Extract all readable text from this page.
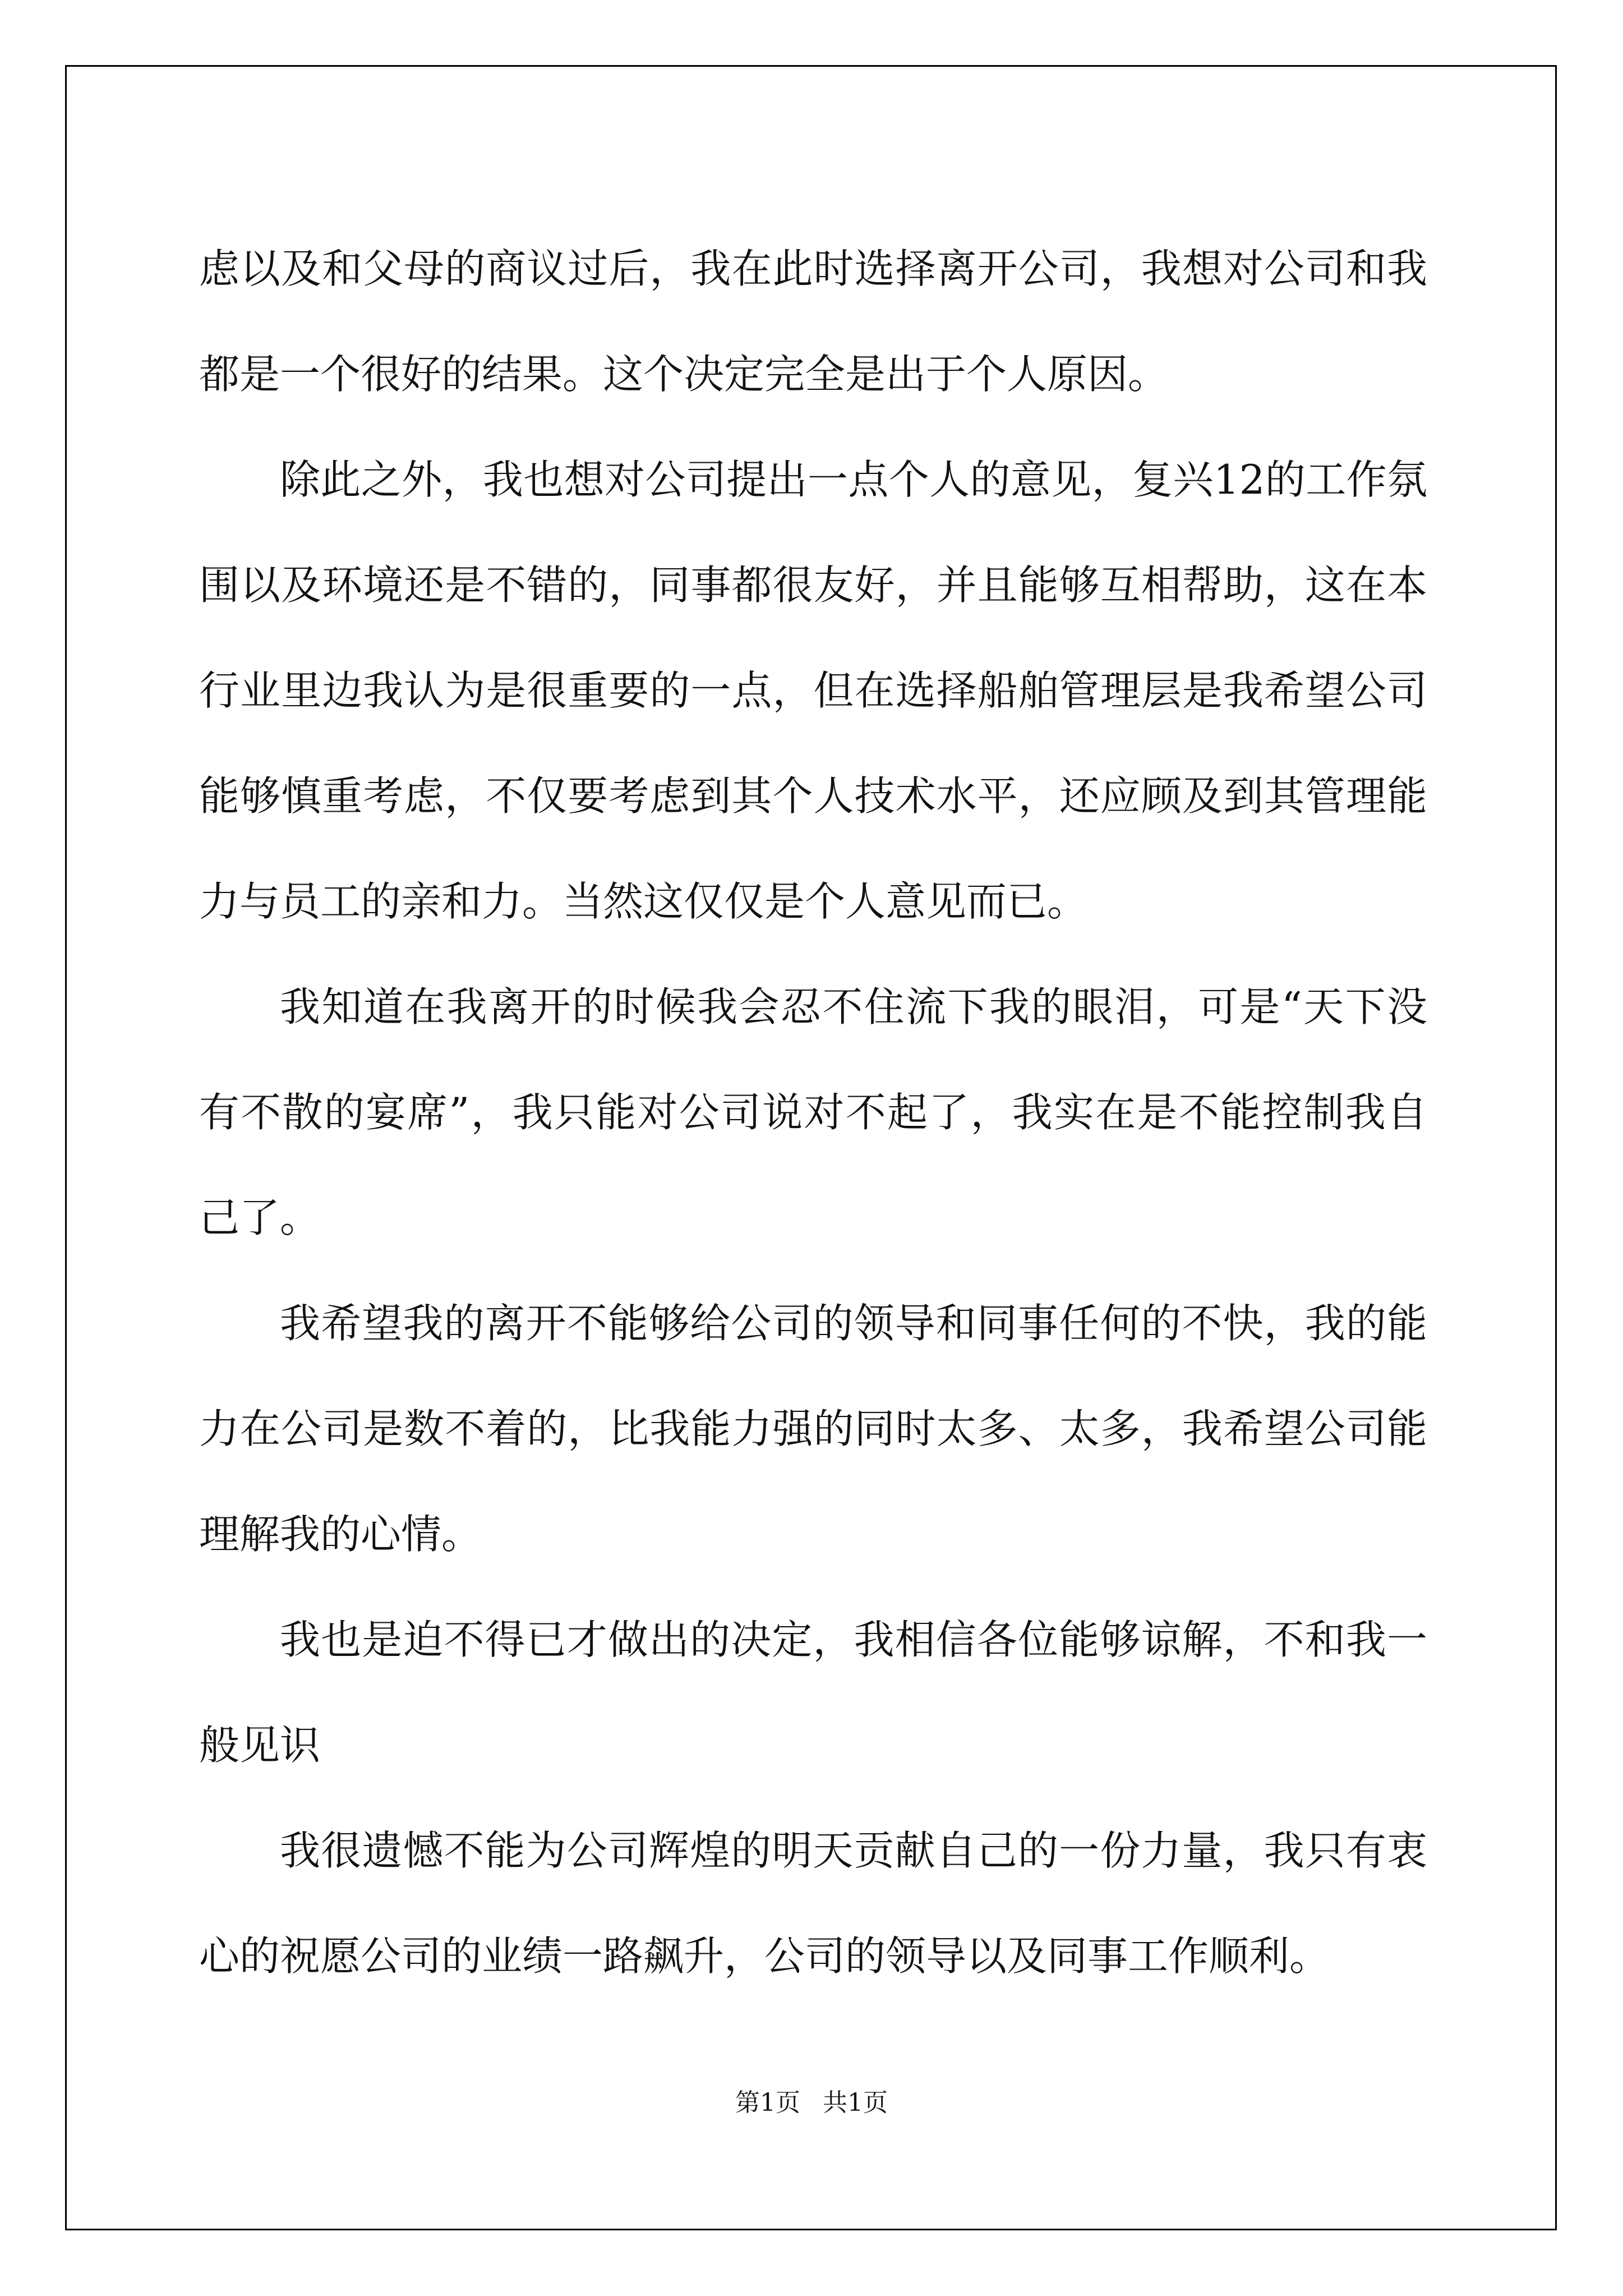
虑以及和父母的商议过后，我在此时选择离开公司，我想对公司和我都是一个很好的结果。这个决定完全是出于个人原因。

除此之外，我也想对公司提出一点个人的意见，复兴12的工作氛围以及环境还是不错的，同事都很友好，并且能够互相帮助，这在本行业里边我认为是很重要的一点，但在选择船舶管理层是我希望公司能够慎重考虑，不仅要考虑到其个人技术水平，还应顾及到其管理能力与员工的亲和力。当然这仅仅是个人意见而已。

我知道在我离开的时候我会忍不住流下我的眼泪，可是“天下没有不散的宴席”，我只能对公司说对不起了，我实在是不能控制我自己了。

我希望我的离开不能够给公司的领导和同事任何的不快，我的能力在公司是数不着的，比我能力强的同时太多、太多，我希望公司能理解我的心情。

我也是迫不得已才做出的决定，我相信各位能够谅解，不和我一般见识

我很遗憾不能为公司辉煌的明天贡献自己的一份力量，我只有衷心的祝愿公司的业绩一路飙升，公司的领导以及同事工作顺利。

第1页 共1页
